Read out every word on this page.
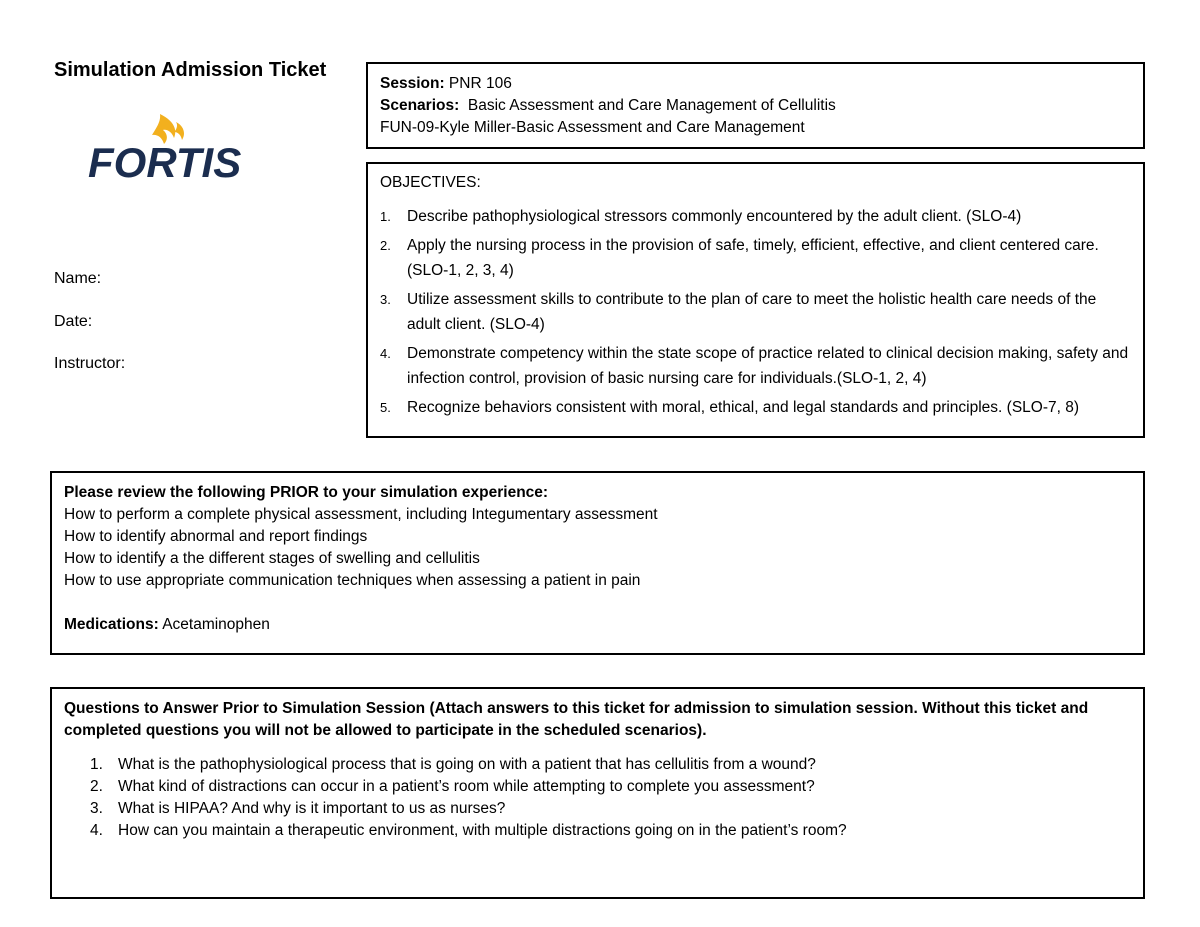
Simulation Admission Ticket
FORTIS
Name:
Date:
Instructor:
Session: PNR 106
Scenarios: Basic Assessment and Care Management of Cellulitis
FUN-09-Kyle Miller-Basic Assessment and Care Management
OBJECTIVES:
1. Describe pathophysiological stressors commonly encountered by the adult client. (SLO-4)
2. Apply the nursing process in the provision of safe, timely, efficient, effective, and client centered care. (SLO-1, 2, 3, 4)
3. Utilize assessment skills to contribute to the plan of care to meet the holistic health care needs of the adult client. (SLO-4)
4. Demonstrate competency within the state scope of practice related to clinical decision making, safety and infection control, provision of basic nursing care for individuals.(SLO-1, 2, 4)
5. Recognize behaviors consistent with moral, ethical, and legal standards and principles. (SLO-7, 8)
Please review the following PRIOR to your simulation experience:
How to perform a complete physical assessment, including Integumentary assessment
How to identify abnormal and report findings
How to identify a the different stages of swelling and cellulitis
How to use appropriate communication techniques when assessing a patient in pain
Medications: Acetaminophen
Questions to Answer Prior to Simulation Session (Attach answers to this ticket for admission to simulation session. Without this ticket and
completed questions you will not be allowed to participate in the scheduled scenarios).
1. What is the pathophysiological process that is going on with a patient that has cellulitis from a wound?
2. What kind of distractions can occur in a patient’s room while attempting to complete you assessment?
3. What is HIPAA? And why is it important to us as nurses?
4. How can you maintain a therapeutic environment, with multiple distractions going on in the patient’s room?
